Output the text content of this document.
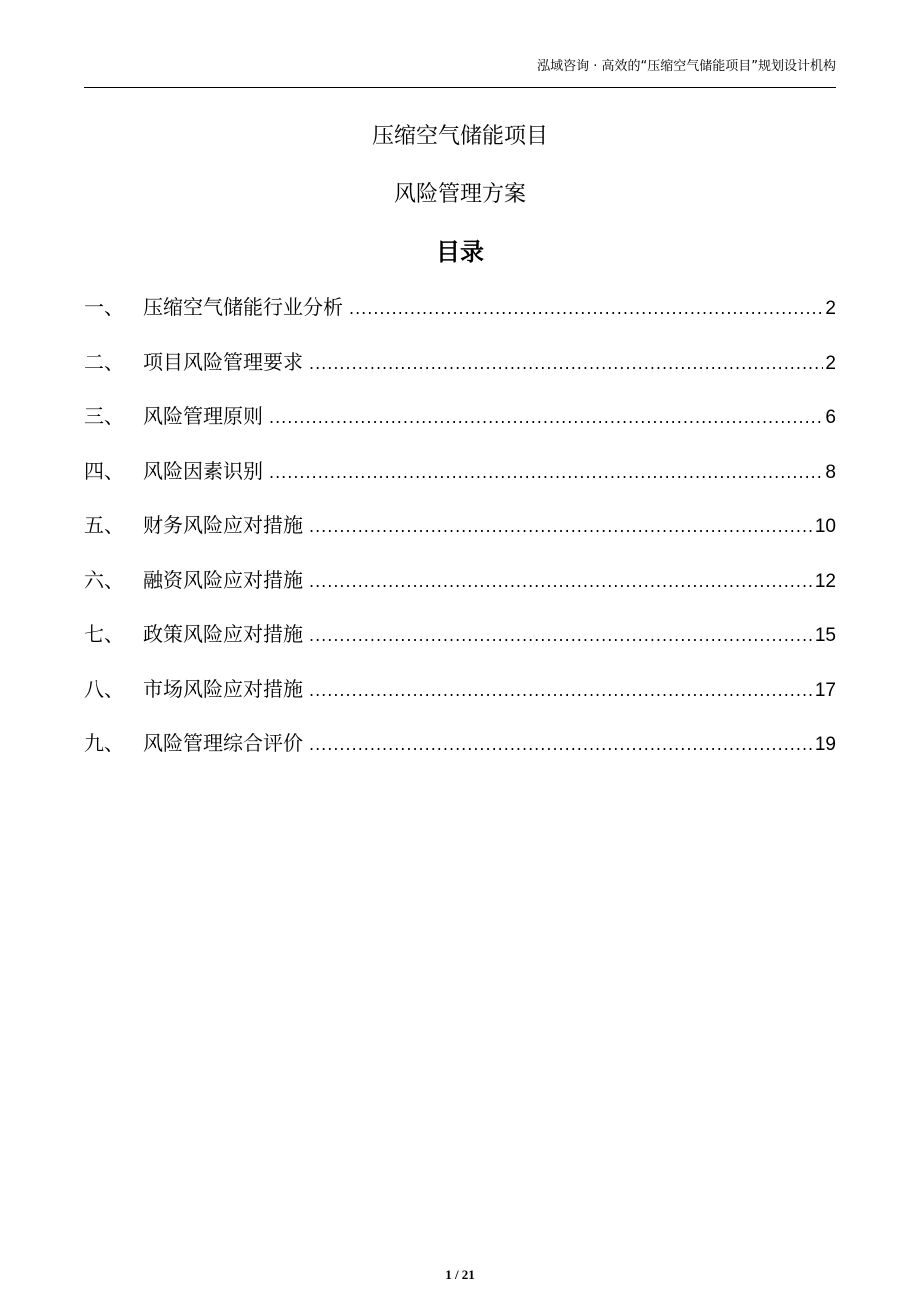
泓域咨询 · 高效的“压缩空气储能项目”规划设计机构
压缩空气储能项目
风险管理方案
目录
一、 压缩空气储能行业分析 .....	2
二、 项目风险管理要求 .....	2
三、 风险管理原则 .....	6
四、 风险因素识别 .....	8
五、 财务风险应对措施 .....	10
六、 融资风险应对措施 .....	12
七、 政策风险应对措施 .....	15
八、 市场风险应对措施 .....	17
九、 风险管理综合评价 .....	19
1 / 21
